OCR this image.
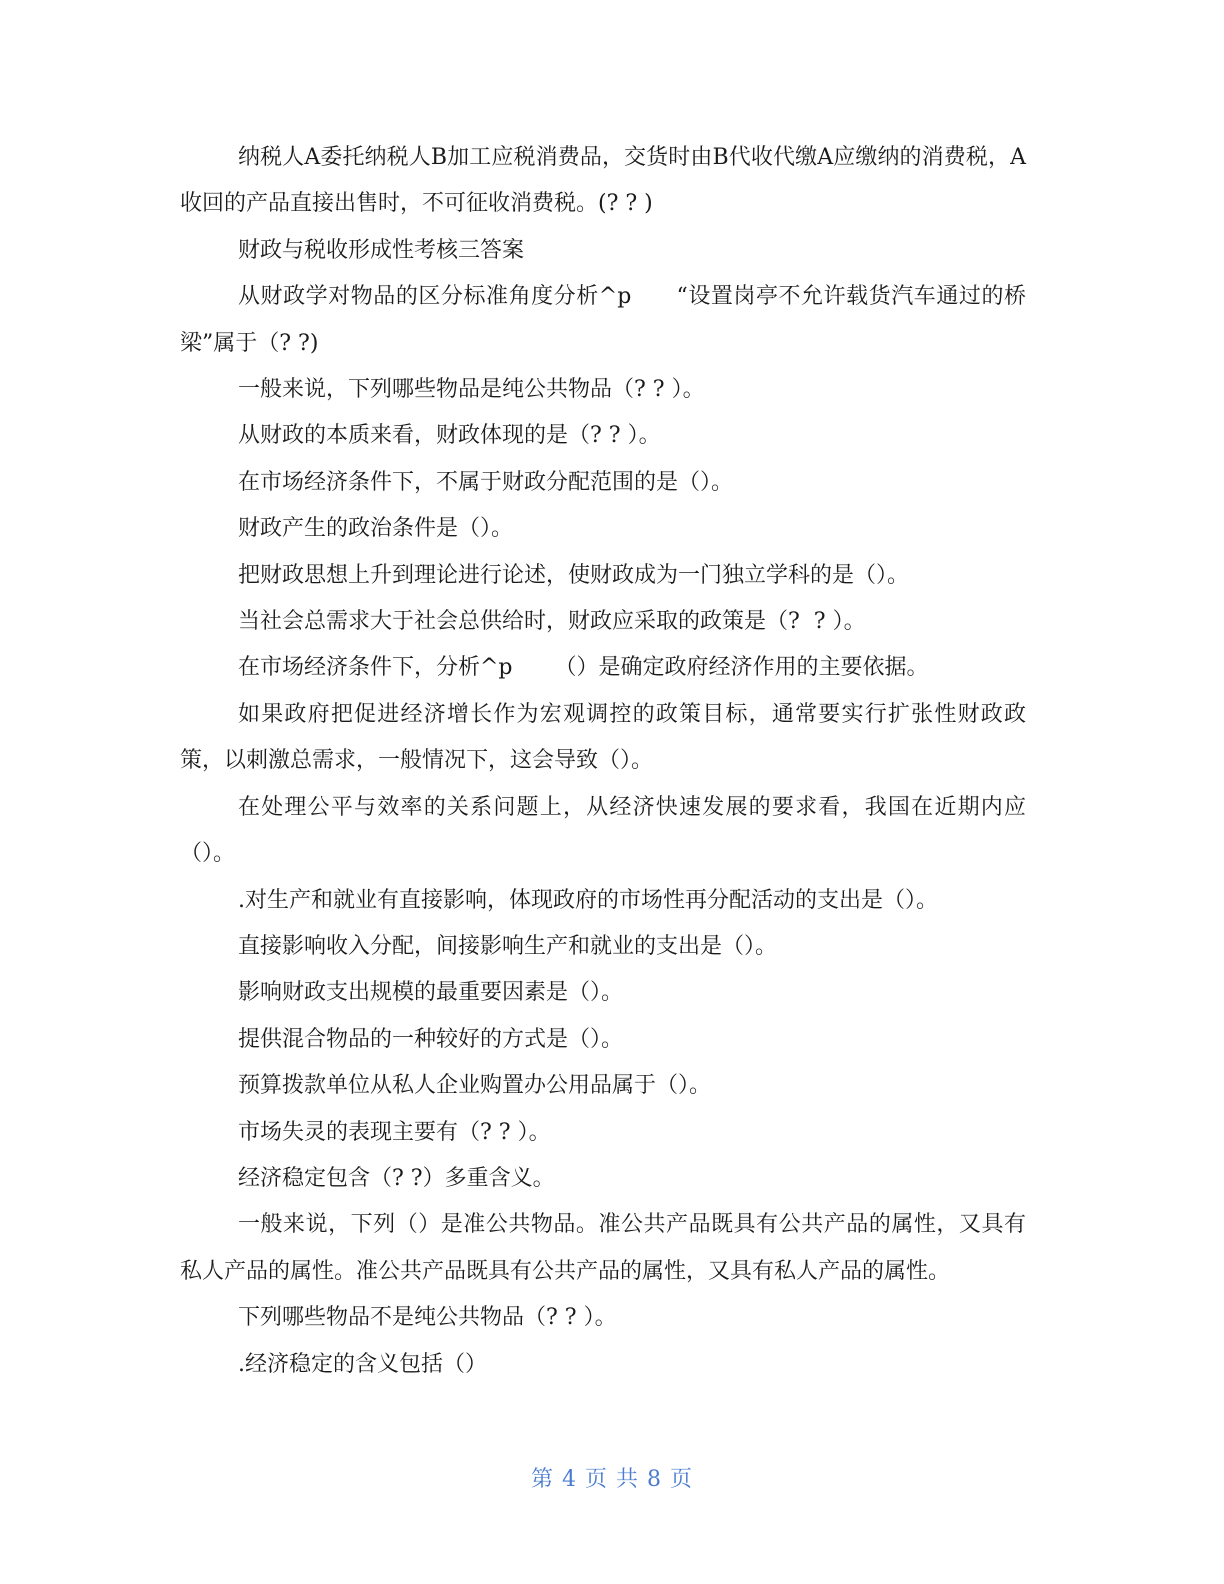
纳税人A委托纳税人B加工应税消费品，交货时由B代收代缴A应缴纳的消费税，A收回的产品直接出售时，不可征收消费税。(? ? )

财政与税收形成性考核三答案

从财政学对物品的区分标准角度分析^p      “设置岗亭不允许载货汽车通过的桥梁”属于（? ?)

一般来说，下列哪些物品是纯公共物品（? ? ）。

从财政的本质来看，财政体现的是（? ? ）。

在市场经济条件下，不属于财政分配范围的是（）。

财政产生的政治条件是（）。

把财政思想上升到理论进行论述，使财政成为一门独立学科的是（）。

当社会总需求大于社会总供给时，财政应采取的政策是（?  ? ）。

在市场经济条件下，分析^p      （）是确定政府经济作用的主要依据。

如果政府把促进经济增长作为宏观调控的政策目标，通常要实行扩张性财政政策，以刺激总需求，一般情况下，这会导致（）。

在处理公平与效率的关系问题上，从经济快速发展的要求看，我国在近期内应（）。

.对生产和就业有直接影响，体现政府的市场性再分配活动的支出是（）。

直接影响收入分配，间接影响生产和就业的支出是（）。

影响财政支出规模的最重要因素是（）。

提供混合物品的一种较好的方式是（）。

预算拨款单位从私人企业购置办公用品属于（）。

市场失灵的表现主要有（? ? ）。

经济稳定包含（? ?）多重含义。

一般来说，下列（）是准公共物品。准公共产品既具有公共产品的属性，又具有私人产品的属性。准公共产品既具有公共产品的属性，又具有私人产品的属性。

下列哪些物品不是纯公共物品（? ? ）。

.经济稳定的含义包括（）

第 4 页 共 8 页
